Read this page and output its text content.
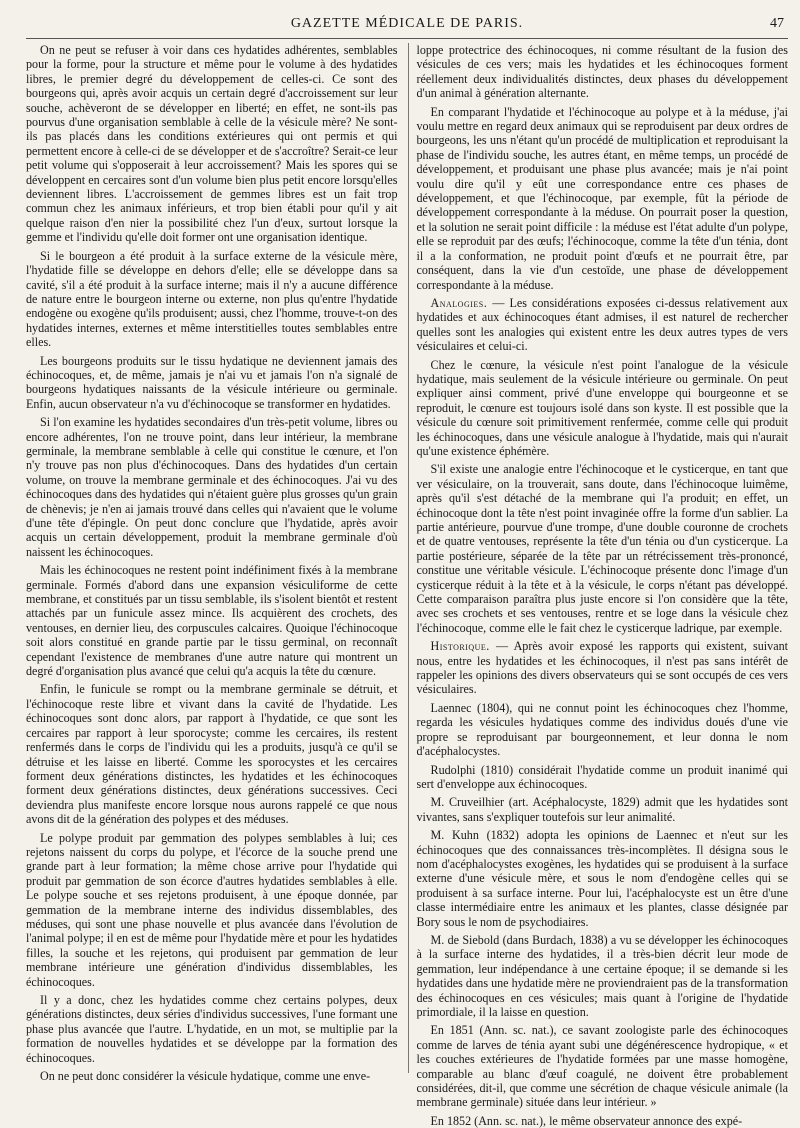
GAZETTE MÉDICALE DE PARIS.	47

On ne peut se refuser à voir dans ces hydatides adhérentes, semblables pour la forme, pour la structure et même pour le volume à des hydatides libres, le premier degré du développement de celles-ci. Ce sont des bourgeons qui, après avoir acquis un certain degré d'accroissement sur leur souche, achèveront de se développer en liberté; en effet, ne sont-ils pas pourvus d'une organisation semblable à celle de la vésicule mère? Ne sont-ils pas placés dans les conditions extérieures qui ont permis et qui permettent encore à celle-ci de se développer et de s'accroître? Serait-ce leur petit volume qui s'opposerait à leur accroissement? Mais les spores qui se développent en cercaires sont d'un volume bien plus petit encore lorsqu'elles deviennent libres. L'accroissement de gemmes libres est un fait trop commun chez les animaux inférieurs, et trop bien établi pour qu'il y ait quelque raison d'en nier la possibilité chez l'un d'eux, surtout lorsque la gemme et l'individu qu'elle doit former ont une organisation identique.

Si le bourgeon a été produit à la surface externe de la vésicule mère, l'hydatide fille se développe en dehors d'elle; elle se développe dans sa cavité, s'il a été produit à la surface interne; mais il n'y a aucune différence de nature entre le bourgeon interne ou externe, non plus qu'entre l'hydatide endogène ou exogène qu'ils produisent; aussi, chez l'homme, trouve-t-on des hydatides internes, externes et même interstitielles toutes semblables entre elles.

Les bourgeons produits sur le tissu hydatique ne deviennent jamais des échinocoques, et, de même, jamais je n'ai vu et jamais l'on n'a signalé de bourgeons hydatiques naissants de la vésicule intérieure ou germinale. Enfin, aucun observateur n'a vu d'échinocoque se transformer en hydatides.

Si l'on examine les hydatides secondaires d'un très-petit volume, libres ou encore adhérentes, l'on ne trouve point, dans leur intérieur, la membrane germinale, la membrane semblable à celle qui constitue le cœnure, et l'on n'y trouve pas non plus d'échinocoques. Dans des hydatides d'un certain volume, on trouve la membrane germinale et des échinocoques. J'ai vu des échinocoques dans des hydatides qui n'étaient guère plus grosses qu'un grain de chènevis; je n'en ai jamais trouvé dans celles qui n'avaient que le volume d'une tête d'épingle. On peut donc conclure que l'hydatide, après avoir acquis un certain développement, produit la membrane germinale d'où naissent les échinocoques.

Mais les échinocoques ne restent point indéfiniment fixés à la membrane germinale. Formés d'abord dans une expansion vésiculiforme de cette membrane, et constitués par un tissu semblable, ils s'isolent bientôt et restent attachés par un funicule assez mince. Ils acquièrent des crochets, des ventouses, en dernier lieu, des corpuscules calcaires. Quoique l'échinocoque soit alors constitué en grande partie par le tissu germinal, on reconnaît cependant l'existence de membranes d'une autre nature qui montrent un degré d'organisation plus avancé que celui qu'a acquis la tête du cœnure.

Enfin, le funicule se rompt ou la membrane germinale se détruit, et l'échinocoque reste libre et vivant dans la cavité de l'hydatide. Les échinocoques sont donc alors, par rapport à l'hydatide, ce que sont les cercaires par rapport à leur sporocyste; comme les cercaires, ils restent renfermés dans le corps de l'individu qui les a produits, jusqu'à ce qu'il se détruise et les laisse en liberté. Comme les sporocystes et les cercaires forment deux générations distinctes, les hydatides et les échinocoques forment deux générations distinctes, deux générations successives. Ceci deviendra plus manifeste encore lorsque nous aurons rappelé ce que nous avons dit de la génération des polypes et des méduses.

Le polype produit par gemmation des polypes semblables à lui; ces rejetons naissent du corps du polype, et l'écorce de la souche prend une grande part à leur formation; la même chose arrive pour l'hydatide qui produit par gemmation de son écorce d'autres hydatides semblables à elle. Le polype souche et ses rejetons produisent, à une époque donnée, par gemmation de la membrane interne des individus dissemblables, des méduses, qui sont une phase nouvelle et plus avancée dans l'évolution de l'animal polype; il en est de même pour l'hydatide mère et pour les hydatides filles, la souche et les rejetons, qui produisent par gemmation de leur membrane intérieure une génération d'individus dissemblables, les échinocoques.

Il y a donc, chez les hydatides comme chez certains polypes, deux générations distinctes, deux séries d'individus successives, l'une formant une phase plus avancée que l'autre. L'hydatide, en un mot, se multiplie par la formation de nouvelles hydatides et se développe par la formation des échinocoques.

On ne peut donc considérer la vésicule hydatique, comme une enve-

loppe protectrice des échinocoques, ni comme résultant de la fusion des vésicules de ces vers; mais les hydatides et les échinocoques forment réellement deux individualités distinctes, deux phases du développement d'un animal à génération alternante.

En comparant l'hydatide et l'échinocoque au polype et à la méduse, j'ai voulu mettre en regard deux animaux qui se reproduisent par deux ordres de bourgeons, les uns n'étant qu'un procédé de multiplication et reproduisant la phase de l'individu souche, les autres étant, en même temps, un procédé de développement, et produisant une phase plus avancée; mais je n'ai point voulu dire qu'il y eût une correspondance entre ces phases de développement, et que l'échinocoque, par exemple, fût la période de développement correspondante à la méduse. On pourrait poser la question, et la solution ne serait point difficile : la méduse est l'état adulte d'un polype, elle se reproduit par des œufs; l'échinocoque, comme la tête d'un ténia, dont il a la conformation, ne produit point d'œufs et ne pourrait être, par conséquent, dans la vie d'un cestoïde, une phase de développement correspondante à la méduse.

Analogies. — Les considérations exposées ci-dessus relativement aux hydatides et aux échinocoques étant admises, il est naturel de rechercher quelles sont les analogies qui existent entre les deux autres types de vers vésiculaires et celui-ci.

Chez le cœnure, la vésicule n'est point l'analogue de la vésicule hydatique, mais seulement de la vésicule intérieure ou germinale. On peut expliquer ainsi comment, privé d'une enveloppe qui bourgeonne et se reproduit, le cœnure est toujours isolé dans son kyste. Il est possible que la vésicule du cœnure soit primitivement renfermée, comme celle qui produit les échinocoques, dans une vésicule analogue à l'hydatide, mais qui n'aurait qu'une existence éphémère.

S'il existe une analogie entre l'échinocoque et le cysticerque, en tant que ver vésiculaire, on la trouverait, sans doute, dans l'échinocoque luimême, après qu'il s'est détaché de la membrane qui l'a produit; en effet, un échinocoque dont la tête n'est point invaginée offre la forme d'un sablier. La partie antérieure, pourvue d'une trompe, d'une double couronne de crochets et de quatre ventouses, représente la tête d'un ténia ou d'un cysticerque. La partie postérieure, séparée de la tête par un rétrécissement très-prononcé, constitue une véritable vésicule. L'échinocoque présente donc l'image d'un cysticerque réduit à la tête et à la vésicule, le corps n'étant pas développé. Cette comparaison paraîtra plus juste encore si l'on considère que la tête, avec ses crochets et ses ventouses, rentre et se loge dans la vésicule chez l'échinocoque, comme elle le fait chez le cysticerque ladrique, par exemple.

Historique. — Après avoir exposé les rapports qui existent, suivant nous, entre les hydatides et les échinocoques, il n'est pas sans intérêt de rappeler les opinions des divers observateurs qui se sont occupés de ces vers vésiculaires.

Laennec (1804), qui ne connut point les échinocoques chez l'homme, regarda les vésicules hydatiques comme des individus doués d'une vie propre se reproduisant par bourgeonnement, et leur donna le nom d'acéphalocystes.

Rudolphi (1810) considérait l'hydatide comme un produit inanimé qui sert d'enveloppe aux échinocoques.

M. Cruveilhier (art. Acéphalocyste, 1829) admit que les hydatides sont vivantes, sans s'expliquer toutefois sur leur animalité.

M. Kuhn (1832) adopta les opinions de Laennec et n'eut sur les échinocoques que des connaissances très-incomplètes. Il désigna sous le nom d'acéphalocystes exogènes, les hydatides qui se produisent à la surface externe d'une vésicule mère, et sous le nom d'endogène celles qui se produisent à sa surface interne. Pour lui, l'acéphalocyste est un être d'une classe intermédiaire entre les animaux et les plantes, classe désignée par Bory sous le nom de psychodiaires.

M. de Siebold (dans Burdach, 1838) a vu se développer les échinocoques à la surface interne des hydatides, il a très-bien décrit leur mode de gemmation, leur indépendance à une certaine époque; il se demande si les hydatides dans une hydatide mère ne proviendraient pas de la transformation des échinocoques en ces vésicules; mais quant à l'origine de l'hydatide primordiale, il la laisse en question.

En 1851 (Ann. sc. nat.), ce savant zoologiste parle des échinocoques comme de larves de ténia ayant subi une dégénérescence hydropique, « et les couches extérieures de l'hydatide formées par une masse homogène, comparable au blanc d'œuf coagulé, ne doivent être probablement considérées, dit-il, que comme une sécrétion de chaque vésicule animale (la membrane germinale) située dans leur intérieur. »

En 1852 (Ann. sc. nat.), le même observateur annonce des expé-
